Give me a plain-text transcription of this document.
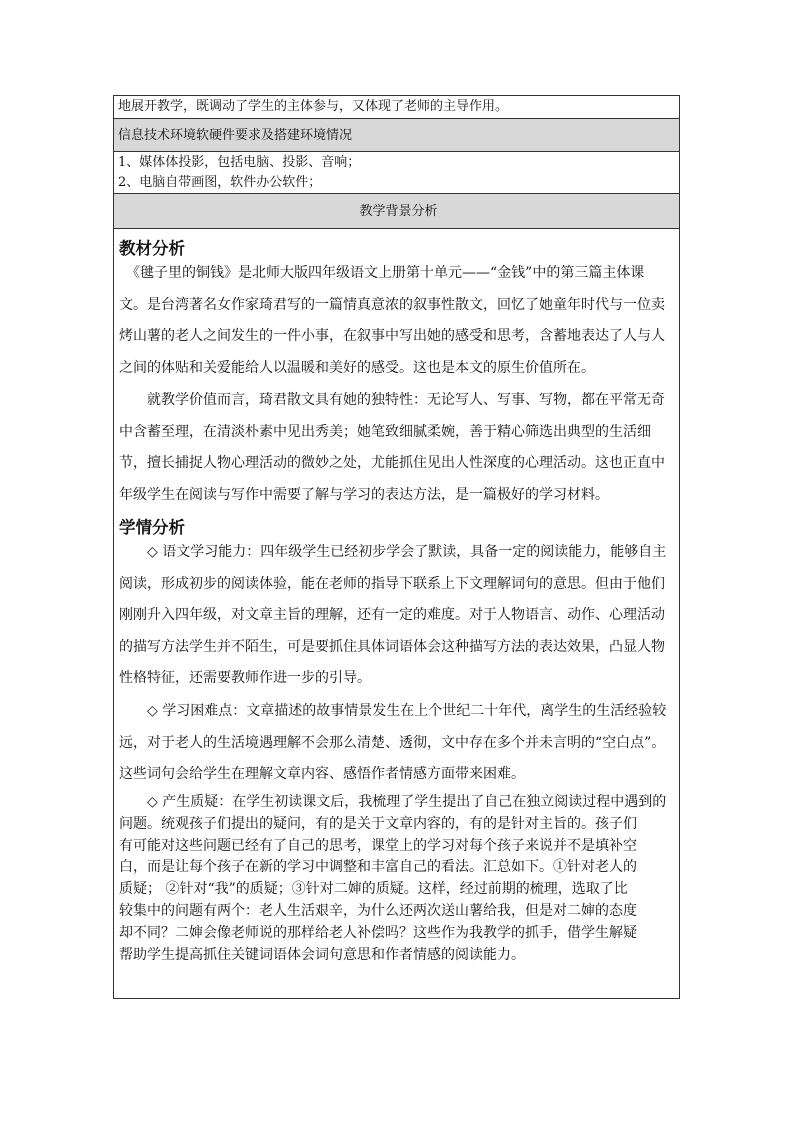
地展开教学，既调动了学生的主体参与，又体现了老师的主导作用。
信息技术环境软硬件要求及搭建环境情况
1、媒体体投影，包括电脑、投影、音响；
2、电脑自带画图，软件办公软件；
教学背景分析
教材分析
《毽子里的铜钱》是北师大版四年级语文上册第十单元——“金钱”中的第三篇主体课
文。是台湾著名女作家琦君写的一篇情真意浓的叙事性散文，回忆了她童年时代与一位卖
烤山薯的老人之间发生的一件小事，在叙事中写出她的感受和思考，含蓄地表达了人与人
之间的体贴和关爱能给人以温暖和美好的感受。这也是本文的原生价值所在。
就教学价值而言，琦君散文具有她的独特性：无论写人、写事、写物，都在平常无奇
中含蓄至理，在清淡朴素中见出秀美；她笔致细腻柔婉，善于精心筛选出典型的生活细
节，擅长捕捉人物心理活动的微妙之处，尤能抓住见出人性深度的心理活动。这也正直中
年级学生在阅读与写作中需要了解与学习的表达方法，是一篇极好的学习材料。
学情分析
◇ 语文学习能力：四年级学生已经初步学会了默读，具备一定的阅读能力，能够自主
阅读，形成初步的阅读体验，能在老师的指导下联系上下文理解词句的意思。但由于他们
刚刚升入四年级，对文章主旨的理解，还有一定的难度。对于人物语言、动作、心理活动
的描写方法学生并不陌生，可是要抓住具体词语体会这种描写方法的表达效果，凸显人物
性格特征，还需要教师作进一步的引导。
◇ 学习困难点：文章描述的故事情景发生在上个世纪二十年代，离学生的生活经验较
远，对于老人的生活境遇理解不会那么清楚、透彻，文中存在多个并未言明的“空白点”。
这些词句会给学生在理解文章内容、感悟作者情感方面带来困难。
◇ 产生质疑：在学生初读课文后，我梳理了学生提出了自己在独立阅读过程中遇到的
问题。统观孩子们提出的疑问，有的是关于文章内容的，有的是针对主旨的。孩子们
有可能对这些问题已经有了自己的思考，课堂上的学习对每个孩子来说并不是填补空
白，而是让每个孩子在新的学习中调整和丰富自己的看法。汇总如下。①针对老人的
质疑； ②针对“我”的质疑；③针对二婶的质疑。这样，经过前期的梳理，选取了比
较集中的问题有两个：老人生活艰辛，为什么还两次送山薯给我，但是对二婶的态度
却不同？二婶会像老师说的那样给老人补偿吗？这些作为我教学的抓手，借学生解疑
帮助学生提高抓住关键词语体会词句意思和作者情感的阅读能力。
